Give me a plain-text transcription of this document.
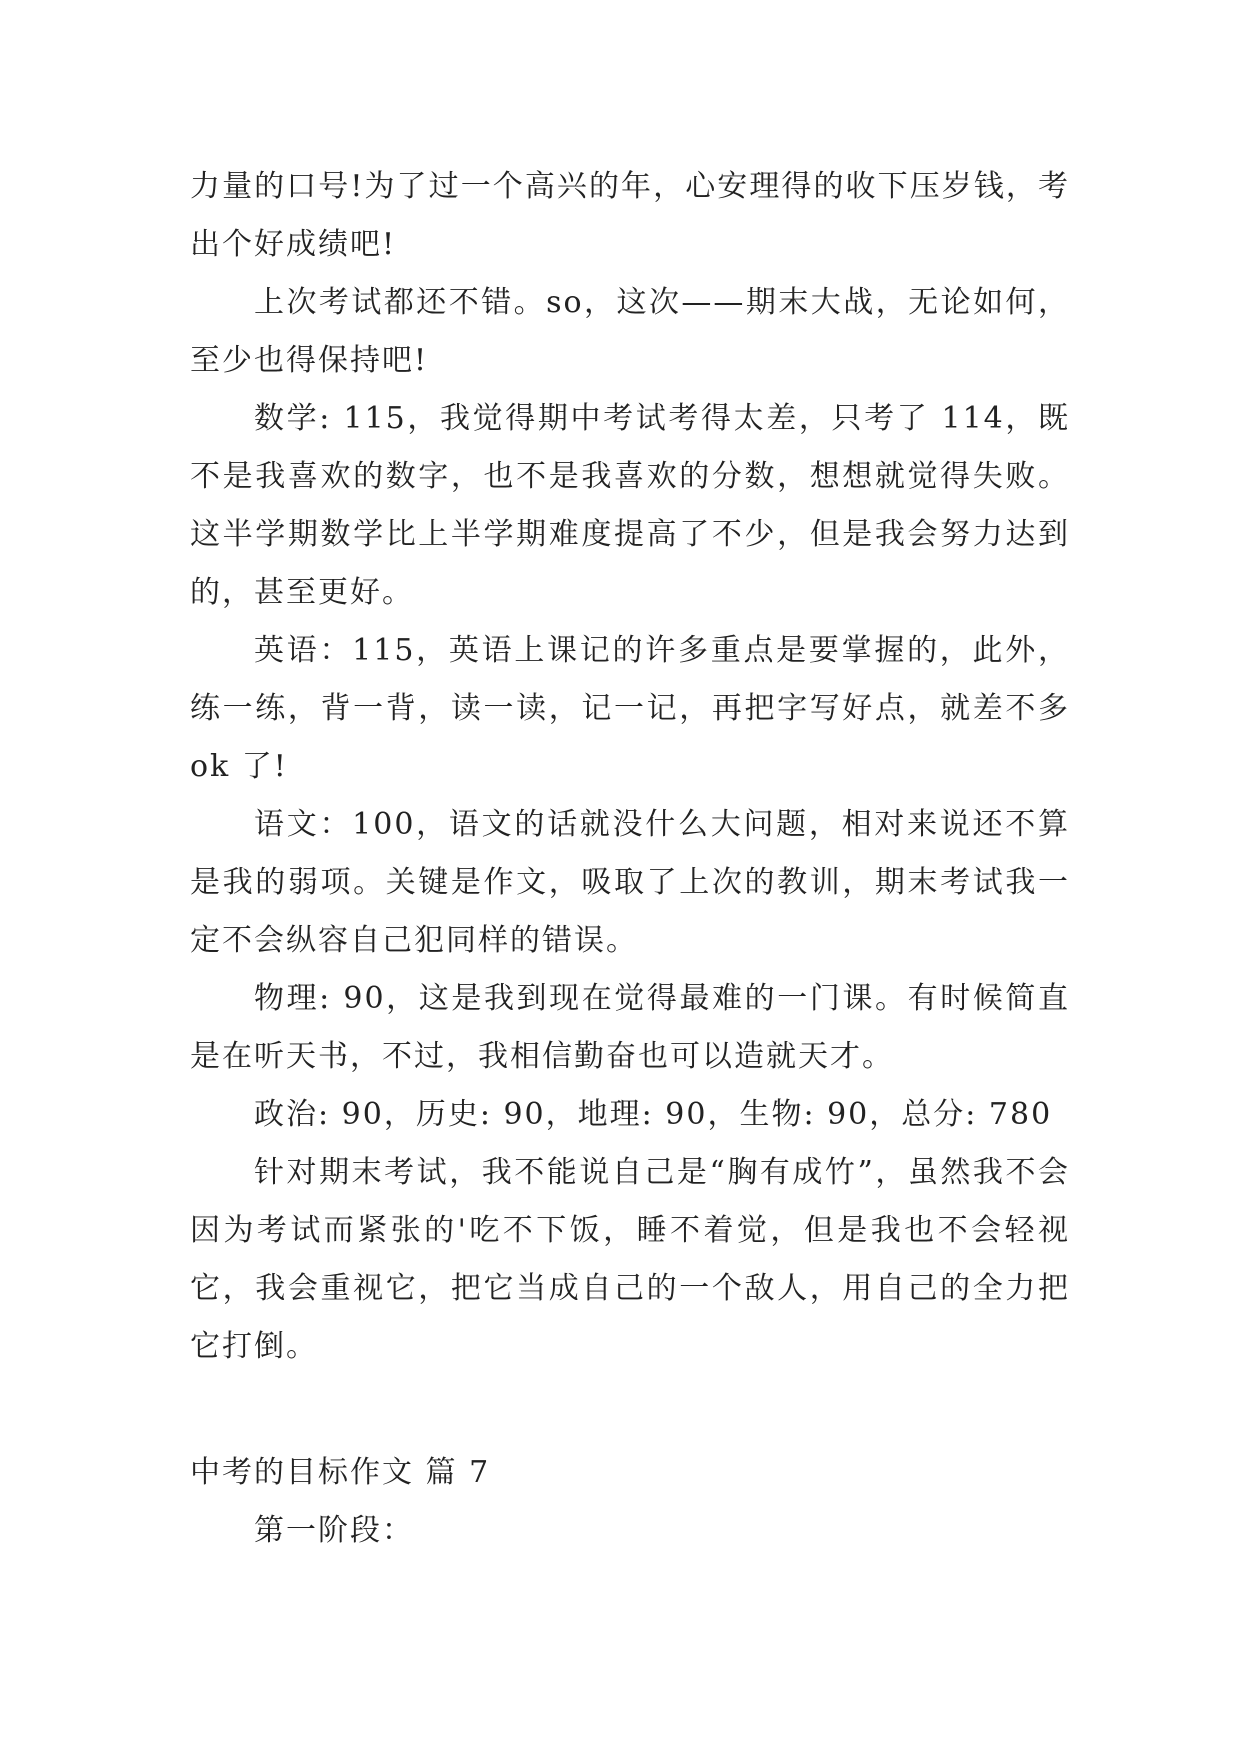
力量的口号!为了过一个高兴的年，心安理得的收下压岁钱，考出个好成绩吧!

上次考试都还不错。so，这次——期末大战，无论如何，至少也得保持吧!

数学: 115，我觉得期中考试考得太差，只考了 114，既不是我喜欢的数字，也不是我喜欢的分数，想想就觉得失败。这半学期数学比上半学期难度提高了不少，但是我会努力达到的，甚至更好。

英语：115，英语上课记的许多重点是要掌握的，此外，练一练，背一背，读一读，记一记，再把字写好点，就差不多 ok 了!

语文：100，语文的话就没什么大问题，相对来说还不算是我的弱项。关键是作文，吸取了上次的教训，期末考试我一定不会纵容自己犯同样的错误。

物理: 90，这是我到现在觉得最难的一门课。有时候简直是在听天书，不过，我相信勤奋也可以造就天才。

政治: 90，历史: 90，地理: 90，生物: 90，总分: 780

针对期末考试，我不能说自己是“胸有成竹”，虽然我不会因为考试而紧张的'吃不下饭，睡不着觉，但是我也不会轻视它，我会重视它，把它当成自己的一个敌人，用自己的全力把它打倒。

中考的目标作文 篇 7

第一阶段：
